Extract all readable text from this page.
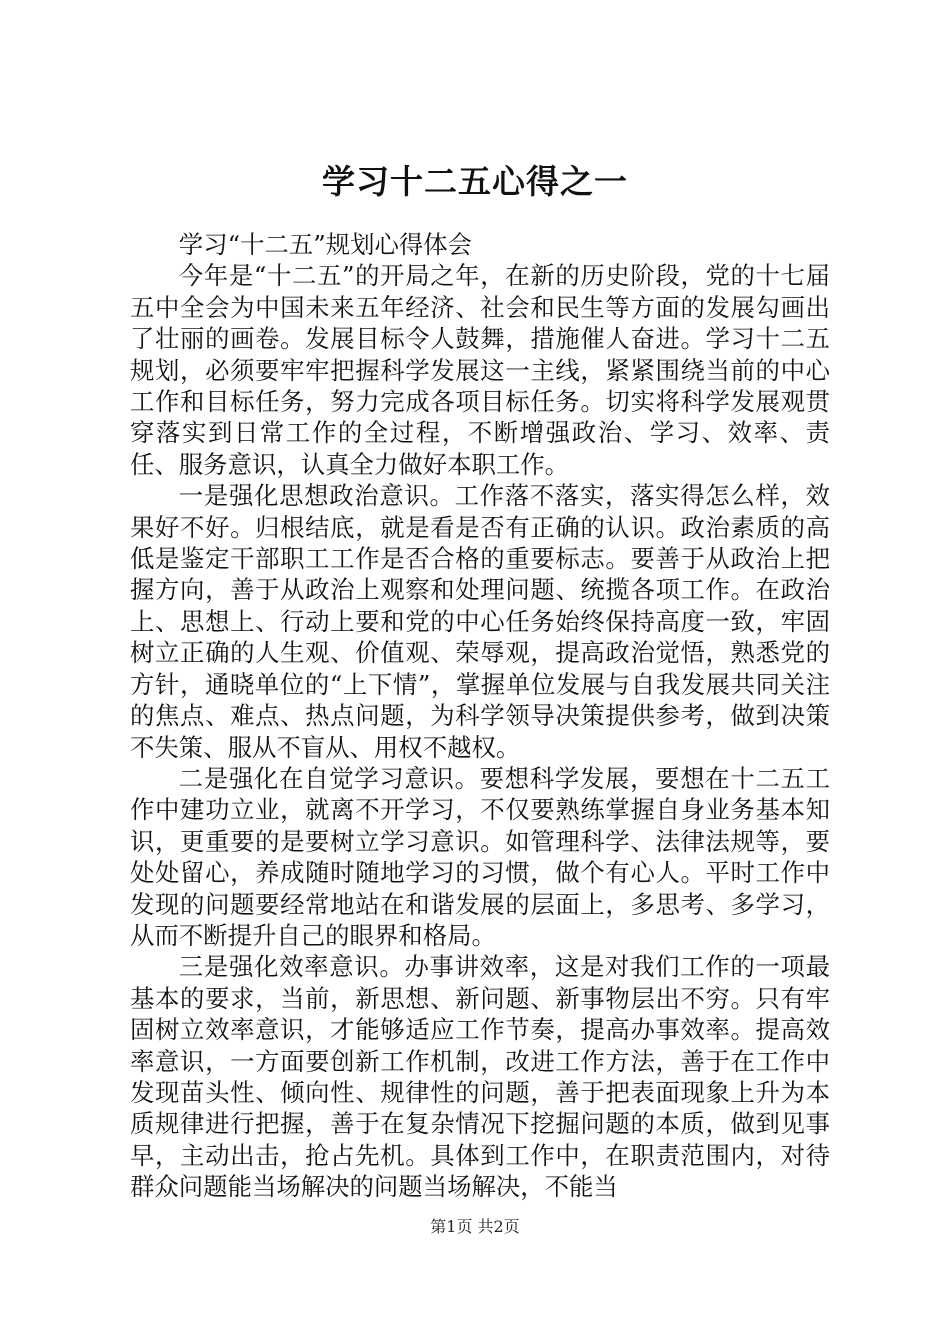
学习十二五心得之一

学习“十二五”规划心得体会

今年是“十二五”的开局之年，在新的历史阶段，党的十七届五中全会为中国未来五年经济、社会和民生等方面的发展勾画出了壮丽的画卷。发展目标令人鼓舞，措施催人奋进。学习十二五规划，必须要牢牢把握科学发展这一主线，紧紧围绕当前的中心工作和目标任务，努力完成各项目标任务。切实将科学发展观贯穿落实到日常工作的全过程，不断增强政治、学习、效率、责任、服务意识，认真全力做好本职工作。

一是强化思想政治意识。工作落不落实，落实得怎么样，效果好不好。归根结底，就是看是否有正确的认识。政治素质的高低是鉴定干部职工工作是否合格的重要标志。要善于从政治上把握方向，善于从政治上观察和处理问题、统揽各项工作。在政治上、思想上、行动上要和党的中心任务始终保持高度一致，牢固树立正确的人生观、价值观、荣辱观，提高政治觉悟，熟悉党的方针，通晓单位的“上下情”，掌握单位发展与自我发展共同关注的焦点、难点、热点问题，为科学领导决策提供参考，做到决策不失策、服从不盲从、用权不越权。

二是强化在自觉学习意识。要想科学发展，要想在十二五工作中建功立业，就离不开学习，不仅要熟练掌握自身业务基本知识，更重要的是要树立学习意识。如管理科学、法律法规等，要处处留心，养成随时随地学习的习惯，做个有心人。平时工作中发现的问题要经常地站在和谐发展的层面上，多思考、多学习，从而不断提升自己的眼界和格局。

三是强化效率意识。办事讲效率，这是对我们工作的一项最基本的要求，当前，新思想、新问题、新事物层出不穷。只有牢固树立效率意识，才能够适应工作节奏，提高办事效率。提高效率意识，一方面要创新工作机制，改进工作方法，善于在工作中发现苗头性、倾向性、规律性的问题，善于把表面现象上升为本质规律进行把握，善于在复杂情况下挖掘问题的本质，做到见事早，主动出击，抢占先机。具体到工作中，在职责范围内，对待群众问题能当场解决的问题当场解决，不能当

第1页 共2页
